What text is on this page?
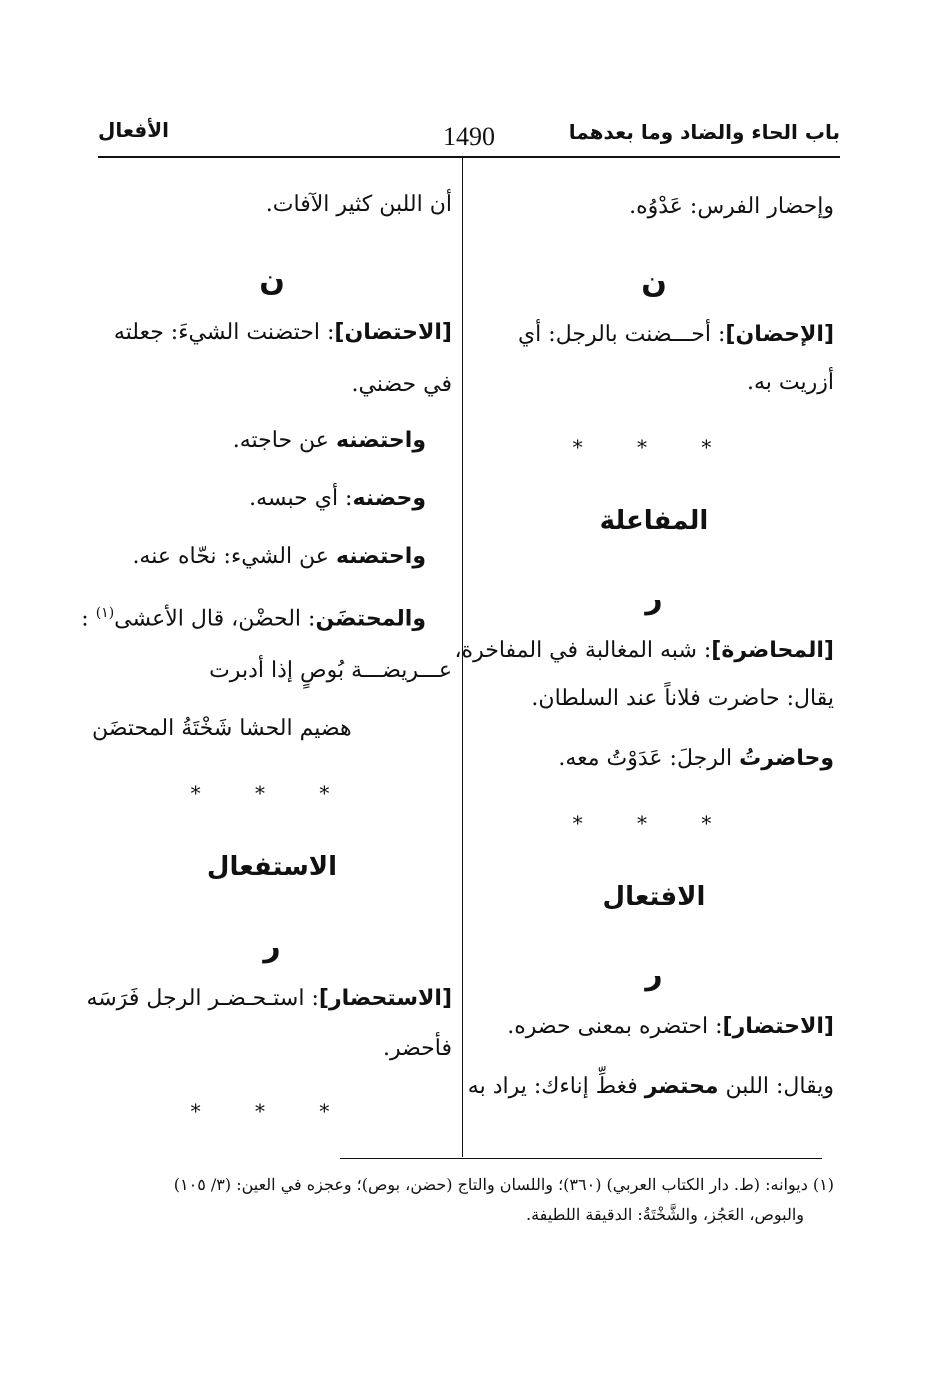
باب الحاء والضاد وما بعدهما
1490
الأفعال
وإحضار الفرس: عَدْوُه.
ن
[الإحضان]: أحـــضنت بالرجل: أي
أزريت به.
* * *
المفاعلة
ر
[المحاضرة]: شبه المغالبة في المفاخرة،
يقال: حاضرت فلاناً عند السلطان.
وحاضرتُ الرجلَ: عَدَوْتُ معه.
* * *
الافتعال
ر
[الاحتضار]: احتضره بمعنى حضره.
ويقال: اللبن محتضر فغطِّ إناءك: يراد به
أن اللبن كثير الآفات.
ن
[الاحتضان]: احتضنت الشيءَ: جعلته
في حضني.
واحتضنه عن حاجته.
وحضنه: أي حبسه.
واحتضنه عن الشيء: نحّاه عنه.
والمحتضَن: الحضْن، قال الأعشى$^{(١)}$ :
عـــريضـــة بُوصٍ إذا أدبرت
هضيم الحشا شَخْتَةُ المحتضَن
* * *
الاستفعال
ر
[الاستحضار]: استـحـضـر الرجل فَرَسَه
فأحضر.
* * *
(١) ديوانه: (ط. دار الكتاب العربي) (٣٦٠)؛ واللسان والتاج (حضن، بوص)؛ وعجزه في العين: (٣/ ١٠٥)
والبوص، العَجُز، والشَّخْتَةُ: الدقيقة اللطيفة.
